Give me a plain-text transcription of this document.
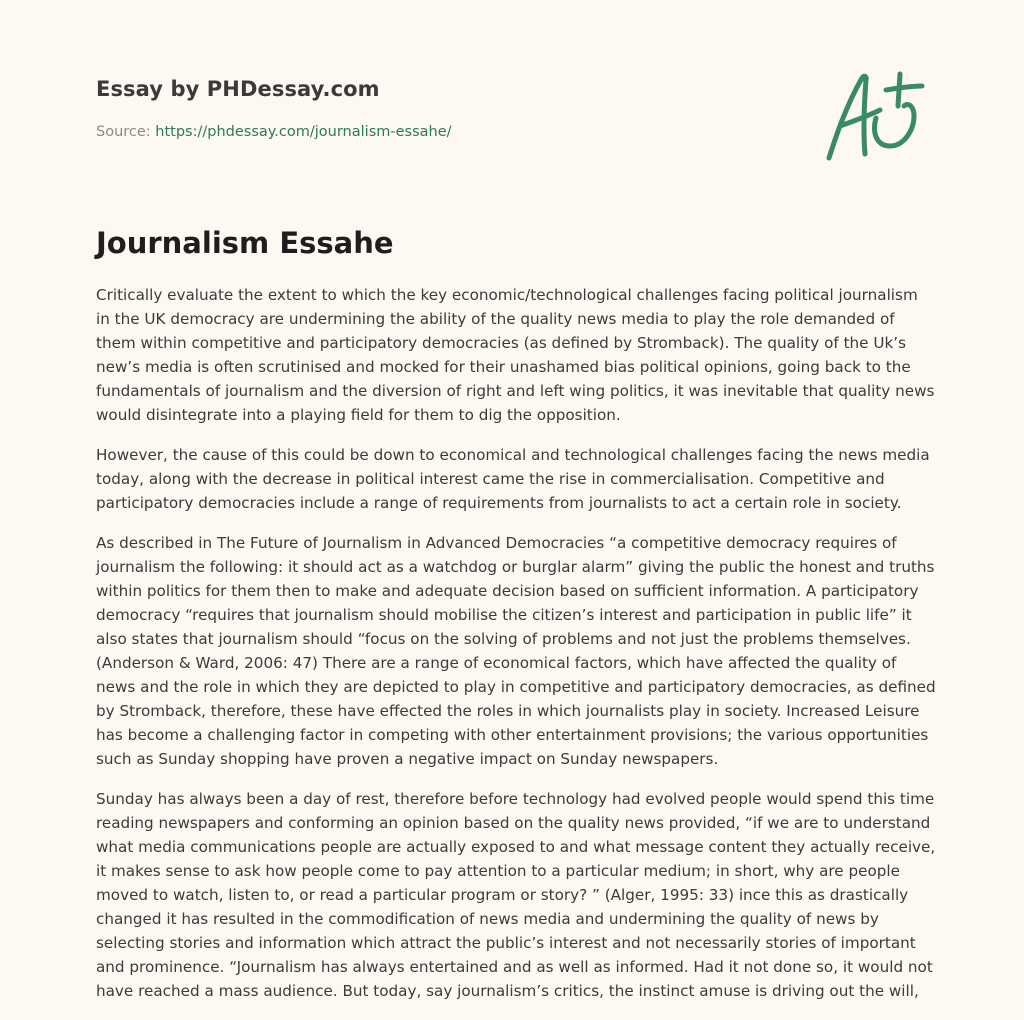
Essay by PHDessay.com
Source: https://phdessay.com/journalism-essahe/
Journalism Essahe

Critically evaluate the extent to which the key economic/technological challenges facing political journalism in the UK democracy are undermining the ability of the quality news media to play the role demanded of them within competitive and participatory democracies (as defined by Stromback). The quality of the Uk’s new’s media is often scrutinised and mocked for their unashamed bias political opinions, going back to the fundamentals of journalism and the diversion of right and left wing politics, it was inevitable that quality news would disintegrate into a playing field for them to dig the opposition.

However, the cause of this could be down to economical and technological challenges facing the news media today, along with the decrease in political interest came the rise in commercialisation. Competitive and participatory democracies include a range of requirements from journalists to act a certain role in society.

As described in The Future of Journalism in Advanced Democracies “a competitive democracy requires of journalism the following: it should act as a watchdog or burglar alarm” giving the public the honest and truths within politics for them then to make and adequate decision based on sufficient information. A participatory democracy “requires that journalism should mobilise the citizen’s interest and participation in public life” it also states that journalism should “focus on the solving of problems and not just the problems themselves. (Anderson & Ward, 2006: 47) There are a range of economical factors, which have affected the quality of news and the role in which they are depicted to play in competitive and participatory democracies, as defined by Stromback, therefore, these have effected the roles in which journalists play in society. Increased Leisure has become a challenging factor in competing with other entertainment provisions; the various opportunities such as Sunday shopping have proven a negative impact on Sunday newspapers.

Sunday has always been a day of rest, therefore before technology had evolved people would spend this time reading newspapers and conforming an opinion based on the quality news provided, “if we are to understand what media communications people are actually exposed to and what message content they actually receive, it makes sense to ask how people come to pay attention to a particular medium; in short, why are people moved to watch, listen to, or read a particular program or story? ” (Alger, 1995: 33) ince this as drastically changed it has resulted in the commodification of news media and undermining the quality of news by selecting stories and information which attract the public’s interest and not necessarily stories of important and prominence. “Journalism has always entertained and as well as informed. Had it not done so, it would not have reached a mass audience. But today, say journalism’s critics, the instinct amuse is driving out the will,
